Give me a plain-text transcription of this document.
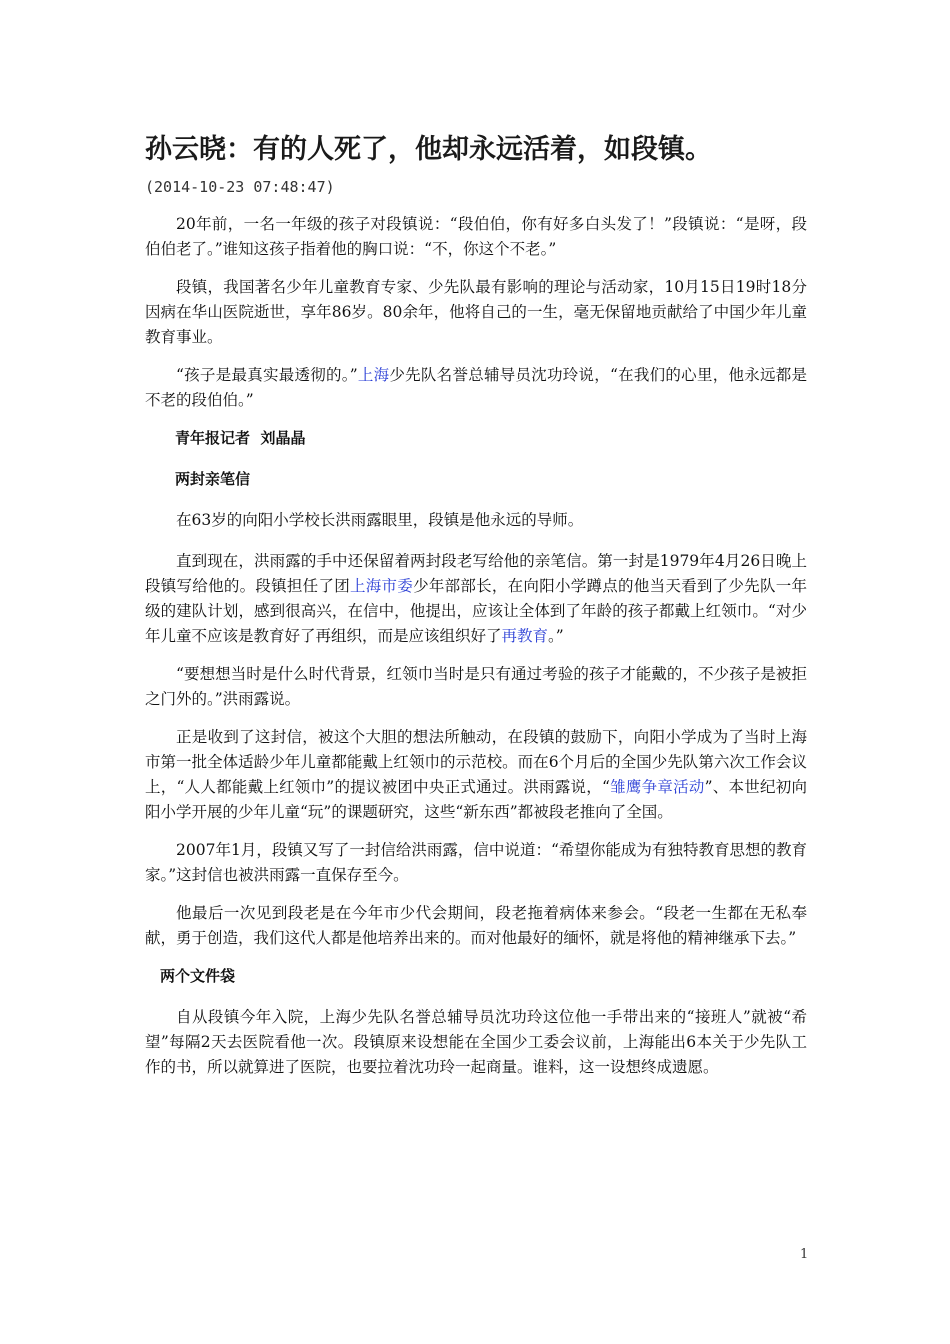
孙云晓：有的人死了，他却永远活着，如段镇。
(2014-10-23 07:48:47)

20年前，一名一年级的孩子对段镇说：“段伯伯，你有好多白头发了！”段镇说：“是呀，段伯伯老了。”谁知这孩子指着他的胸口说：“不，你这个不老。”

段镇，我国著名少年儿童教育专家、少先队最有影响的理论与活动家，10月15日19时18分因病在华山医院逝世，享年86岁。80余年，他将自己的一生，毫无保留地贡献给了中国少年儿童教育事业。

“孩子是最真实最透彻的。”上海少先队名誉总辅导员沈功玲说，“在我们的心里，他永远都是不老的段伯伯。”

青年报记者  刘晶晶

两封亲笔信

在63岁的向阳小学校长洪雨露眼里，段镇是他永远的导师。

直到现在，洪雨露的手中还保留着两封段老写给他的亲笔信。第一封是1979年4月26日晚上段镇写给他的。段镇担任了团上海市委少年部部长，在向阳小学蹲点的他当天看到了少先队一年级的建队计划，感到很高兴，在信中，他提出，应该让全体到了年龄的孩子都戴上红领巾。“对少年儿童不应该是教育好了再组织，而是应该组织好了再教育。”

“要想想当时是什么时代背景，红领巾当时是只有通过考验的孩子才能戴的，不少孩子是被拒之门外的。”洪雨露说。

正是收到了这封信，被这个大胆的想法所触动，在段镇的鼓励下，向阳小学成为了当时上海市第一批全体适龄少年儿童都能戴上红领巾的示范校。而在6个月后的全国少先队第六次工作会议上，“人人都能戴上红领巾”的提议被团中央正式通过。洪雨露说，“雏鹰争章活动”、本世纪初向阳小学开展的少年儿童“玩”的课题研究，这些“新东西”都被段老推向了全国。

2007年1月，段镇又写了一封信给洪雨露，信中说道：“希望你能成为有独特教育思想的教育家。”这封信也被洪雨露一直保存至今。

他最后一次见到段老是在今年市少代会期间，段老拖着病体来参会。“段老一生都在无私奉献，勇于创造，我们这代人都是他培养出来的。而对他最好的缅怀，就是将他的精神继承下去。”

两个文件袋

自从段镇今年入院，上海少先队名誉总辅导员沈功玲这位他一手带出来的“接班人”就被“希望”每隔2天去医院看他一次。段镇原来设想能在全国少工委会议前，上海能出6本关于少先队工作的书，所以就算进了医院，也要拉着沈功玲一起商量。谁料，这一设想终成遗愿。

1
